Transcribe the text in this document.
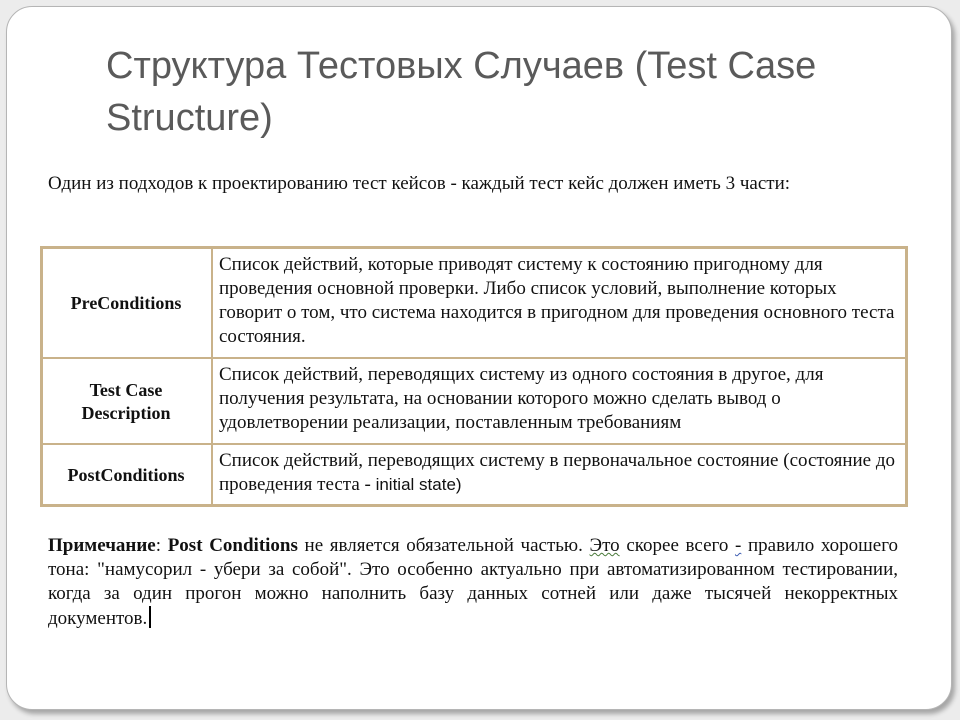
Структура Тестовых Случаев (Test Case Structure)

Один из подходов к проектированию тест кейсов - каждый тест кейс должен иметь 3 части:

PreConditions	Список действий, которые приводят систему к состоянию пригодному для проведения основной проверки. Либо список условий, выполнение которых говорит о том, что система находится в пригодном для проведения основного теста состояния.
Test Case Description	Список действий, переводящих систему из одного состояния в другое, для получения результата, на основании которого можно сделать вывод о удовлетворении реализации, поставленным требованиям
PostConditions	Список действий, переводящих систему в первоначальное состояние (состояние до проведения теста - initial state)

Примечание: Post Conditions не является обязательной частью. Это скорее всего - правило хорошего тона: "намусорил - убери за собой". Это особенно актуально при автоматизированном тестировании, когда за один прогон можно наполнить базу данных сотней или даже тысячей некорректных документов.
